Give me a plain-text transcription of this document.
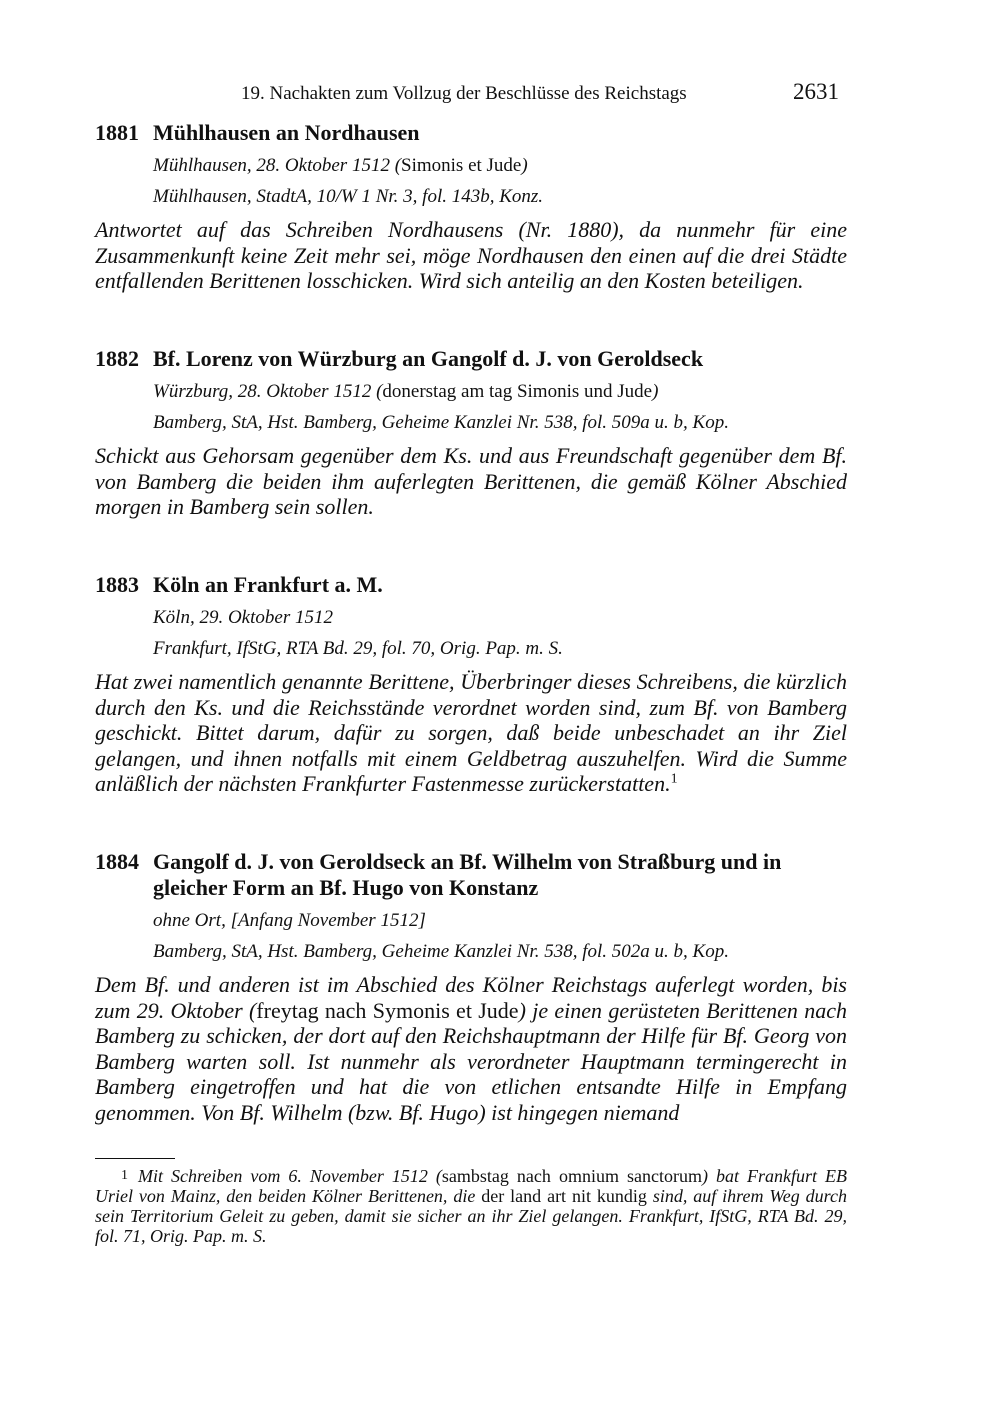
19. Nachakten zum Vollzug der Beschlüsse des Reichstags	2631
1881 Mühlhausen an Nordhausen
Mühlhausen, 28. Oktober 1512 (Simonis et Jude)
Mühlhausen, StadtA, 10/W 1 Nr. 3, fol. 143b, Konz.
Antwortet auf das Schreiben Nordhausens (Nr. 1880), da nunmehr für eine Zusammenkunft keine Zeit mehr sei, möge Nordhausen den einen auf die drei Städte entfallenden Berittenen losschicken. Wird sich anteilig an den Kosten beteiligen.
1882 Bf. Lorenz von Würzburg an Gangolf d. J. von Geroldseck
Würzburg, 28. Oktober 1512 (donerstag am tag Simonis und Jude)
Bamberg, StA, Hst. Bamberg, Geheime Kanzlei Nr. 538, fol. 509a u. b, Kop.
Schickt aus Gehorsam gegenüber dem Ks. und aus Freundschaft gegenüber dem Bf. von Bamberg die beiden ihm auferlegten Berittenen, die gemäß Kölner Abschied morgen in Bamberg sein sollen.
1883 Köln an Frankfurt a. M.
Köln, 29. Oktober 1512
Frankfurt, IfStG, RTA Bd. 29, fol. 70, Orig. Pap. m. S.
Hat zwei namentlich genannte Berittene, Überbringer dieses Schreibens, die kürzlich durch den Ks. und die Reichsstände verordnet worden sind, zum Bf. von Bamberg geschickt. Bittet darum, dafür zu sorgen, daß beide unbeschadet an ihr Ziel gelangen, und ihnen notfalls mit einem Geldbetrag auszuhelfen. Wird die Summe anläßlich der nächsten Frankfurter Fastenmesse zurückerstatten.$^1$
1884 Gangolf d. J. von Geroldseck an Bf. Wilhelm von Straßburg und in gleicher Form an Bf. Hugo von Konstanz
ohne Ort, [Anfang November 1512]
Bamberg, StA, Hst. Bamberg, Geheime Kanzlei Nr. 538, fol. 502a u. b, Kop.
Dem Bf. und anderen ist im Abschied des Kölner Reichstags auferlegt worden, bis zum 29. Oktober (freytag nach Symonis et Jude) je einen gerüsteten Berittenen nach Bamberg zu schicken, der dort auf den Reichshauptmann der Hilfe für Bf. Georg von Bamberg warten soll. Ist nunmehr als verordneter Hauptmann termingerecht in Bamberg eingetroffen und hat die von etlichen entsandte Hilfe in Empfang genommen. Von Bf. Wilhelm (bzw. Bf. Hugo) ist hingegen niemand
1 Mit Schreiben vom 6. November 1512 (sambstag nach omnium sanctorum) bat Frankfurt EB Uriel von Mainz, den beiden Kölner Berittenen, die der land art nit kundig sind, auf ihrem Weg durch sein Territorium Geleit zu geben, damit sie sicher an ihr Ziel gelangen. Frankfurt, IfStG, RTA Bd. 29, fol. 71, Orig. Pap. m. S.
